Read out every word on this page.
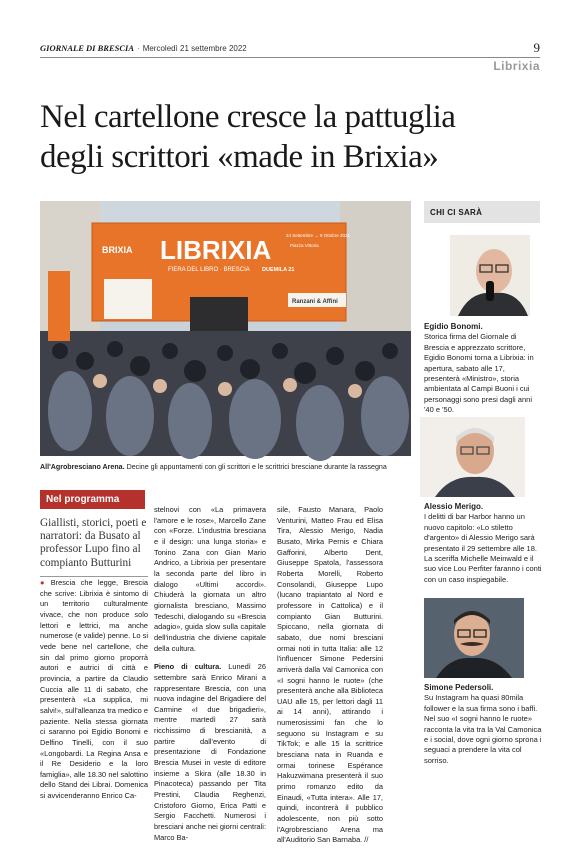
GIORNALE DI BRESCIA · Mercoledì 21 settembre 2022	9
Librixia
Nel cartellone cresce la pattuglia
degli scrittori «made in Brixia»
BRIXIA LIBRIXIA
FIERA DEL LIBRO · BRESCIA
24 Settembre → 9 Ottobre 2021
Piazza Vittoria
DUEMILA 21
Ranzani & Affini
All'Agrobresciano Arena. Decine gli appuntamenti con gli scrittori e le scrittrici bresciane durante la rassegna
CHI CI SARÀ
Egidio Bonomi.
Storica firma del Giornale di Brescia e apprezzato scrittore, Egidio Bonomi torna a Librixia: in apertura, sabato alle 17, presenterà «Ministro», storia ambientata al Campi Buoni i cui personaggi sono presi dagli anni '40 e '50.
Alessio Merigo.
I delitti di bar Harbor hanno un nuovo capitolo: «Lo stiletto d'argento» di Alessio Merigo sarà presentato il 29 settembre alle 18. La sceriffa Michelle Meinwald e il suo vice Lou Perfiter faranno i conti con un caso inspiegabile.
Simone Pedersoli.
Su Instagram ha quasi 80mila follower e la sua firma sono i baffi. Nel suo «I sogni hanno le ruote» racconta la vita tra la Val Camonica e i social, dove ogni giorno sprona i seguaci a prendere la vita col sorriso.
Nel programma
Giallisti, storici, poeti e narratori: da Busato al professor Lupo fino al compianto Butturini

● Brescia che legge, Brescia che scrive: Librixia è sintomo di un territorio culturalmente vivace, che non produce solo lettori e lettrici, ma anche numerose (e valide) penne. Lo si vede bene nel cartellone, che sin dal primo giorno proporrà autori e autrici di città e provincia, a partire da Claudio Cuccia alle 11 di sabato, che presenterà «La supplica, mi salvi!», sull'alleanza tra medico e paziente. Nella stessa giornata ci saranno poi Egidio Bonomi e Delfino Tinelli, con il suo «Longobardi. La Regina Ansa e il Re Desiderio e la loro famiglia», alle 18.30 nel salottino dello Stand dei Librai. Domenica si avvicenderanno Enrico Ca-

stelnovi con «La primavera l'amore e le rose», Marcello Zane con «Forze. L'industria bresciana e il design: una lunga storia» e Tonino Zana con Gian Mario Andrico, a Librixia per presentare la seconda parte del libro in dialogo «Ultimi accordi». Chiuderà la giornata un altro giornalista bresciano, Massimo Tedeschi, dialogando su «Brescia adagio», guida slow sulla capitale dell'industria che diviene capitale della cultura.

Pieno di cultura. Lunedì 26 settembre sarà Enrico Mirani a rappresentare Brescia, con una nuova indagine del Brigadiere del Carmine «I due brigadieri», mentre martedì 27 sarà ricchissimo di brescianità, a partire dall'evento di presentazione di Fondazione Brescia Musei in veste di editore insieme a Skira (alle 18.30 in Pinacoteca) passando per Tita Prestini, Claudia Reghenzi, Cristoforo Giorno, Erica Patti e Sergio Facchetti. Numerosi i bresciani anche nei giorni centrali: Marco Ba-

sile, Fausto Manara, Paolo Venturini, Matteo Frau ed Elisa Tira, Alessio Merigo, Nadia Busato, Mirka Pernis e Chiara Gafforini, Alberto Dent, Giuseppe Spatola, l'assessora Roberta Morelli, Roberto Consolandi, Giuseppe Lupo (lucano trapiantato al Nord e professore in Cattolica) e il compianto Gian Butturini. Spiccano, nella giornata di sabato, due nomi bresciani ormai noti in tutta Italia: alle 12 l'influencer Simone Pedersini arriverà dalla Val Camonica con «I sogni hanno le ruote» (che presenterà anche alla Biblioteca UAU alle 15, per lettori dagli 11 ai 14 anni), attirando i numerosissimi fan che lo seguono su Instagram e su TikTok; e alle 15 la scrittrice bresciana nata in Ruanda e ormai torinese Espérance Hakuzwimana presenterà il suo primo romanzo edito da Einaudi, «Tutta intera». Alle 17, quindi, incontrerà il pubblico adolescente, non più sotto l'Agrobresciano Arena ma all'Auditorio San Barnaba. //
